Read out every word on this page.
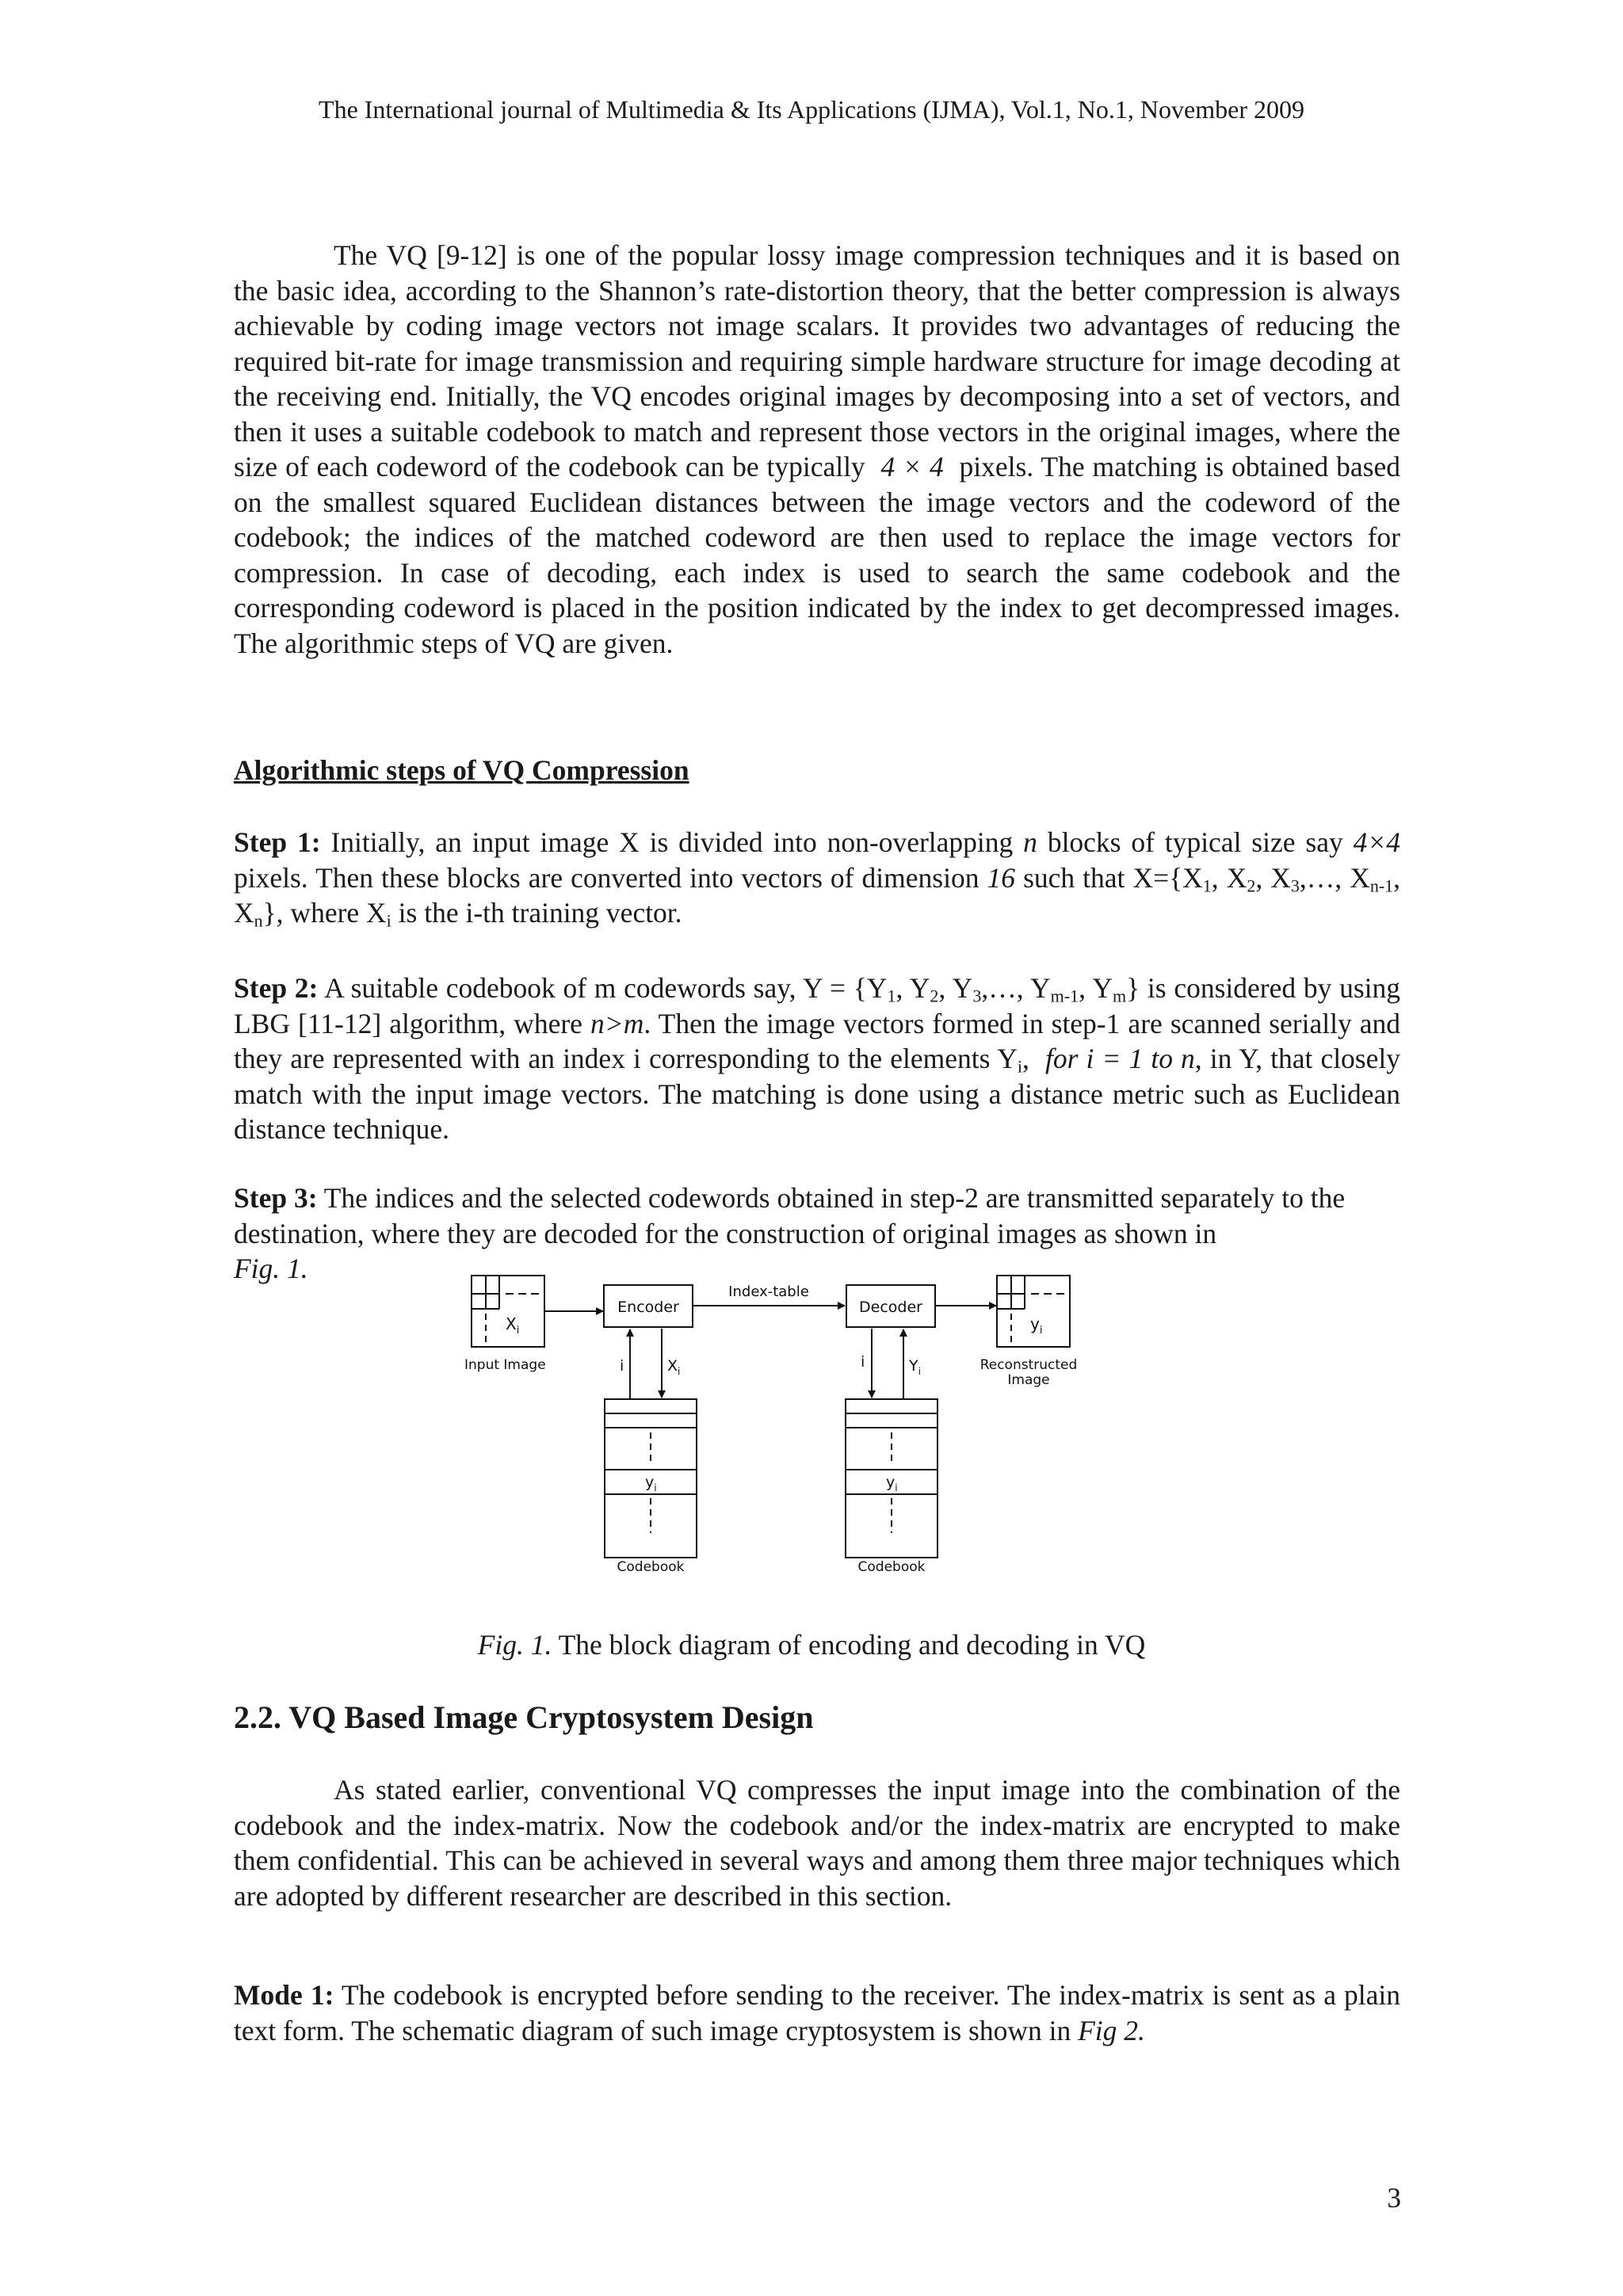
The International journal of Multimedia & Its Applications (IJMA), Vol.1, No.1, November 2009

The VQ [9-12] is one of the popular lossy image compression techniques and it is based on the basic idea, according to the Shannon’s rate-distortion theory, that the better compression is always achievable by coding image vectors not image scalars. It provides two advantages of reducing the required bit-rate for image transmission and requiring simple hardware structure for image decoding at the receiving end. Initially, the VQ encodes original images by decomposing into a set of vectors, and then it uses a suitable codebook to match and represent those vectors in the original images, where the size of each codeword of the codebook can be typically 4 × 4 pixels. The matching is obtained based on the smallest squared Euclidean distances between the image vectors and the codeword of the codebook; the indices of the matched codeword are then used to replace the image vectors for compression. In case of decoding, each index is used to search the same codebook and the corresponding codeword is placed in the position indicated by the index to get decompressed images. The algorithmic steps of VQ are given.

Algorithmic steps of VQ Compression

Step 1: Initially, an input image X is divided into non-overlapping n blocks of typical size say 4×4 pixels. Then these blocks are converted into vectors of dimension 16 such that $X=\{X_1$, $X_2$, $X_3,\dots$, $X_{n-1}$, $X_n$}, where $X_i$ is the i-th training vector.

Step 2: A suitable codebook of m codewords say, $Y = \{Y_1$, $Y_2$, $Y_3,\dots$, $Y_{m-1}$, $Y_m$} is considered by using LBG [11-12] algorithm, where n>m. Then the image vectors formed in step-1 are scanned serially and they are represented with an index i corresponding to the elements $Y_i$, for i = 1 to n, in Y, that closely match with the input image vectors. The matching is done using a distance metric such as Euclidean distance technique.

Step 3: The indices and the selected codewords obtained in step-2 are transmitted separately to the destination, where they are decoded for the construction of original images as shown in
Fig. 1.

$X_i$
Input Image
Encoder
Index-table
Decoder
$y_i$
Reconstructed
Image
i	$X_i$
i	$Y_i$
$y_i$
Codebook
$y_i$
Codebook
Fig. 1. The block diagram of encoding and decoding in VQ
2.2. VQ Based Image Cryptosystem Design

As stated earlier, conventional VQ compresses the input image into the combination of the codebook and the index-matrix. Now the codebook and/or the index-matrix are encrypted to make them confidential. This can be achieved in several ways and among them three major techniques which are adopted by different researcher are described in this section.

Mode 1: The codebook is encrypted before sending to the receiver. The index-matrix is sent as a plain text form. The schematic diagram of such image cryptosystem is shown in Fig 2.

3
